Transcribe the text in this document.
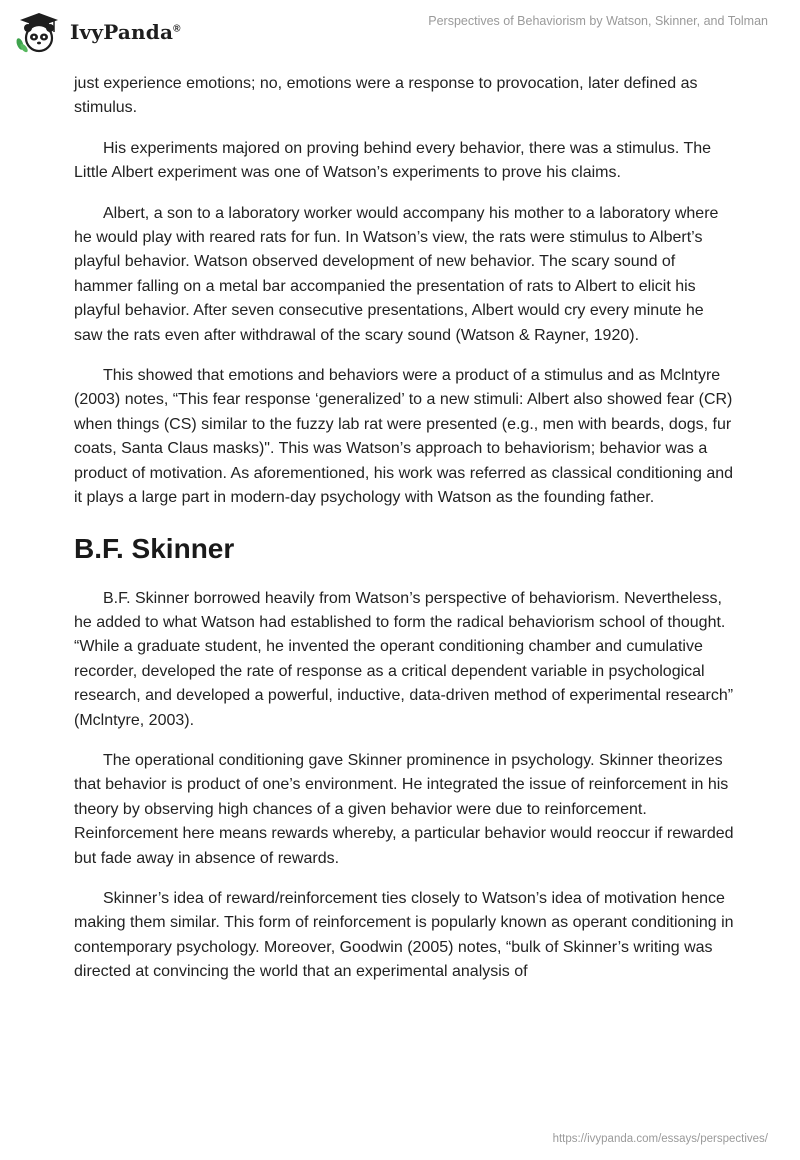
IvyPanda®
Perspectives of Behaviorism by Watson, Skinner, and Tolman

just experience emotions; no, emotions were a response to provocation, later defined as stimulus.

His experiments majored on proving behind every behavior, there was a stimulus. The Little Albert experiment was one of Watson’s experiments to prove his claims.

Albert, a son to a laboratory worker would accompany his mother to a laboratory where he would play with reared rats for fun. In Watson’s view, the rats were stimulus to Albert’s playful behavior. Watson observed development of new behavior. The scary sound of hammer falling on a metal bar accompanied the presentation of rats to Albert to elicit his playful behavior. After seven consecutive presentations, Albert would cry every minute he saw the rats even after withdrawal of the scary sound (Watson & Rayner, 1920).

This showed that emotions and behaviors were a product of a stimulus and as Mclntyre (2003) notes, “This fear response ‘generalized’ to a new stimuli: Albert also showed fear (CR) when things (CS) similar to the fuzzy lab rat were presented (e.g., men with beards, dogs, fur coats, Santa Claus masks)". This was Watson’s approach to behaviorism; behavior was a product of motivation. As aforementioned, his work was referred as classical conditioning and it plays a large part in modern-day psychology with Watson as the founding father.

B.F. Skinner

B.F. Skinner borrowed heavily from Watson’s perspective of behaviorism. Nevertheless, he added to what Watson had established to form the radical behaviorism school of thought. “While a graduate student, he invented the operant conditioning chamber and cumulative recorder, developed the rate of response as a critical dependent variable in psychological research, and developed a powerful, inductive, data-driven method of experimental research” (Mclntyre, 2003).

The operational conditioning gave Skinner prominence in psychology. Skinner theorizes that behavior is product of one’s environment. He integrated the issue of reinforcement in his theory by observing high chances of a given behavior were due to reinforcement. Reinforcement here means rewards whereby, a particular behavior would reoccur if rewarded but fade away in absence of rewards.

Skinner’s idea of reward/reinforcement ties closely to Watson’s idea of motivation hence making them similar. This form of reinforcement is popularly known as operant conditioning in contemporary psychology. Moreover, Goodwin (2005) notes, “bulk of Skinner’s writing was directed at convincing the world that an experimental analysis of

https://ivypanda.com/essays/perspectives/
